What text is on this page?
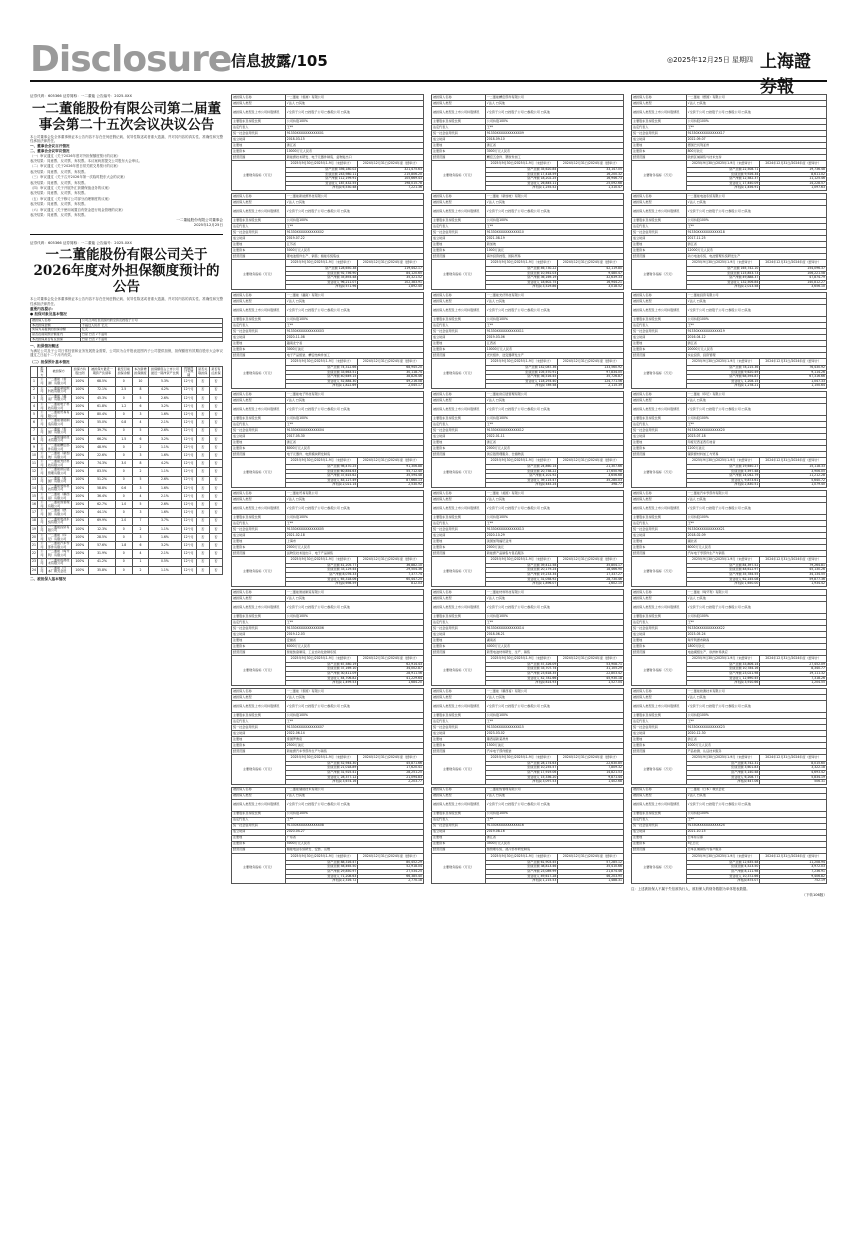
Disclosure 信息披露/105	◎2025年12月25日 星期四 上海證券報
证券代码：605366 证券简称：一二董能 公告编号：2025-0XX
一二董能股份有限公司第二届董事会第二十五次会议决议公告
本公司董事会及全体董事保证本公告内容不存在任何虚假记载、误导性陈述或者重大遗漏，并对其内容的真实性、准确性和完整性承担法律责任。
一、董事会会议召开情况
二、董事会会议审议情况
（一）审议通过《关于2026年度对外担保额度预计的议案》
表决结果：同意票、反对票、弃权票。本议案尚需提交公司股东大会审议。
（二）审议通过《关于2026年度日常关联交易预计的议案》
表决结果：同意票、反对票、弃权票。
（三）审议通过《关于召开2026年第一次临时股东大会的议案》
表决结果：同意票、反对票、弃权票。
（四）审议通过《关于开展外汇套期保值业务的议案》
表决结果：同意票、反对票、弃权票。
（五）审议通过《关于修订公司部分治理制度的议案》
表决结果：同意票、反对票、弃权票。
（六）审议通过《关于使用闲置自有资金进行现金管理的议案》
表决结果：同意票、反对票、弃权票。
一二董能股份有限公司董事会
2025年12月25日
证券代码：605366 证券简称：一二董能 公告编号：2025-0XX
一二董能股份有限公司关于2026年度对外担保额度预计的公告
本公司董事会及全体董事保证本公告内容不存在任何虚假记载、误导性陈述或者重大遗漏，并对其内容的真实性、准确性和完整性承担法律责任。
重要内容提示：
● 担保对象及基本情况
被担保人名称	公司合并报表范围内的全资及控股子公司
本次担保金额	不超过人民币 亿元
实际为其提供的担保余额	亿元
是否在前期预计额度内	□是 □否 √不适用
本次担保是否有反担保	□是 □否 √不适用
一、担保情况概述
为满足公司及子公司日常经营和业务发展资金需要，公司拟为合并报表范围内子公司提供担保，担保额度有效期自股东大会审议通过之日起十二个月内有效。
（二）担保预计基本情况
	担保方	被担保方	担保方持股比例	被担保方最近一期资产负债率	截至目前担保余额	本次新增担保额度	担保额度占上市公司最近一期净资产比例	担保预计有效期	是否关联担保	是否有反担保
1	公司	一二董能（香港）有限公司	100%	68.5%	0	10	5.3%	12个月	否	否
2	公司	一二董能新能源科技有限公司	100%	72.1%	2.5	8	4.2%	12个月	否	否
3	公司	一二董能（越南）有限公司	100%	45.3%	0	5	2.6%	12个月	否	否
4	公司	一二董能电子科技有限公司	100%	61.8%	1.2	6	3.2%	12个月	否	否
5	公司	一二董能贸易有限公司	100%	80.4%	0	3	1.6%	12个月	否	否
6	公司	一二董能智能制造有限公司	100%	55.0%	0.8	4	2.1%	12个月	否	否
7	公司	一二董能（泰国）有限公司	100%	39.7%	0	5	2.6%	12个月	否	否
8	公司	一二董能储能技术有限公司	100%	66.2%	1.5	6	3.2%	12个月	否	否
9	公司	一二董能精密部件有限公司	100%	48.9%	0	2	1.1%	12个月	否	否
10	公司	一二董能（新加坡）有限公司	100%	22.6%	0	3	1.6%	12个月	否	否
11	公司	一二董能光伏科技有限公司	100%	74.3%	3.0	8	4.2%	12个月	否	否
12	公司	一二董能供应链管理有限公司	100%	83.5%	0	2	1.1%	12个月	否	否
13	公司	一二董能（美国）有限公司	100%	51.2%	0	5	2.6%	12个月	否	否
14	公司	一二董能材料科技有限公司	100%	58.8%	0.6	3	1.6%	12个月	否	否
15	公司	一二董能（墨西哥）有限公司	100%	36.4%	0	4	2.1%	12个月	否	否
16	公司	一二董能热管理有限公司	100%	62.7%	1.0	5	2.6%	12个月	否	否
17	公司	一二董能（德国）有限公司	100%	44.1%	0	3	1.6%	12个月	否	否
18	公司	一二董能电池系统有限公司	100%	69.9%	2.0	7	3.7%	12个月	否	否
19	公司	一二董能投资有限公司	100%	12.3%	0	2	1.1%	12个月	否	否
20	公司	一二董能（印尼）有限公司	100%	28.5%	0	3	1.6%	12个月	否	否
21	公司	一二董能汽车零部件有限公司	100%	57.6%	1.8	6	3.2%	12个月	否	否
22	公司	一二董能（匈牙利）有限公司	100%	31.9%	0	4	2.1%	12个月	否	否
23	公司	一二董能检测技术有限公司	100%	41.2%	0	1	0.5%	12个月	否	否
24	公司	一二董能（日本）株式会社	100%	35.8%	0	2	1.1%	12个月	否	否
二、被担保人基本情况
被担保人名称	一二董能（香港）有限公司	
被担保人类型	√法人 □其他	
被担保人类型及上市公司持股情况	√全资子公司 □控股子公司 □参股公司 □其他	
主要股东及持股比例	公司持股100%	
法定代表人	王**	
统一社会信用代码	91330XXXXXXXXXXX01	
成立时间	2018-03-15	
注册地	浙江省	
注册资本	10000万元人民币	
经营范围	新能源技术研发、电子元器件制造、货物进出口	
主要财务指标（万元）	2025年9月30日/2025年1-9月（未经审计）	2024年12月31日/2024年度（经审计）
	资产总额 356,180.02	321,475.63
	负债总额 243,980.11	215,806.20
	资产净额 112,199.91	105,669.43
	营业收入 187,432.55	198,015.78
	净利润 6,530.48	7,221.36
被担保人名称	一二董能新能源科技有限公司	
被担保人类型	√法人 □其他	
被担保人类型及上市公司持股情况	√全资子公司 □控股子公司 □参股公司 □其他	
主要股东及持股比例	公司持股100%	
法定代表人	王**	
统一社会信用代码	91330XXXXXXXXXXX02	
成立时间	2019-07-22	
注册地	江苏省	
注册资本	5000万元人民币	
经营范围	锂电池组件生产、销售；储能系统集成	
主要财务指标（万元）	2025年9月30日/2025年1-9月（未经审计）	2024年12月31日/2024年度（经审计）
	资产总额 128,650.38	119,442.17
	负债总额 92,756.90	84,120.65
	资产净额 35,893.48	35,321.52
	营业收入 96,211.07	102,383.91
	净利润 571.96	1,892.40
被担保人名称	一二董能（越南）有限公司	
被担保人类型	√法人 □其他	
被担保人类型及上市公司持股情况	√全资子公司 □控股子公司 □参股公司 □其他	
主要股东及持股比例	公司持股100%	
法定代表人	王**	
统一社会信用代码	91330XXXXXXXXXXX03	
成立时间	2020-11-08	
注册地	越南北宁省	
注册资本	3000万美元	
经营范围	电子产品组装、精密结构件加工	
主要财务指标（万元）	2025年9月30日/2025年1-9月（未经审计）	2024年12月31日/2024年度（经审计）
	资产总额 74,312.66	68,945.20
	负债总额 33,663.51	30,118.74
	资产净额 40,649.15	38,826.46
	营业收入 52,884.30	49,216.08
	净利润 1,822.69	2,045.17
被担保人名称	一二董能电子科技有限公司	
被担保人类型	√法人 □其他	
被担保人类型及上市公司持股情况	√全资子公司 □控股子公司 □参股公司 □其他	
主要股东及持股比例	公司持股100%	
法定代表人	王**	
统一社会信用代码	91330XXXXXXXXXXX04	
成立时间	2017-05-30	
注册地	浙江省	
注册资本	8000万元人民币	
经营范围	电子元器件、电源模块研发制造	
主要财务指标（万元）	2025年9月30日/2025年1-9月（未经审计）	2024年12月31日/2024年度（经审计）
	资产总额 98,470.25	91,306.88
	负债总额 60,854.63	55,712.40
	资产净额 37,615.62	35,594.48
	营业收入 83,127.49	87,660.13
	净利润 2,021.14	2,530.92
被担保人名称	一二董能贸易有限公司	
被担保人类型	√法人 □其他	
被担保人类型及上市公司持股情况	√全资子公司 □控股子公司 □参股公司 □其他	
主要股东及持股比例	公司持股100%	
法定代表人	王**	
统一社会信用代码	91330XXXXXXXXXXX05	
成立时间	2021-02-18	
注册地	上海市	
注册资本	2000万元人民币	
经营范围	货物及技术进出口、电子产品销售	
主要财务指标（万元）	2025年9月30日/2025年1-9月（未经审计）	2024年12月31日/2024年度（经审计）
	资产总额 41,205.77	36,882.10
	负债总额 33,129.44	29,504.36
	资产净额 8,076.33	7,377.74
	营业收入 65,318.06	60,447.25
	净利润 698.59	812.03
被担保人名称	一二董能智能制造有限公司	
被担保人类型	√法人 □其他	
被担保人类型及上市公司持股情况	√全资子公司 □控股子公司 □参股公司 □其他	
主要股东及持股比例	公司持股100%	
法定代表人	王**	
统一社会信用代码	91330XXXXXXXXXXX06	
成立时间	2019-12-03	
注册地	安徽省	
注册资本	6000万元人民币	
经营范围	智能装备制造、工业自动化控制系统	
主要财务指标（万元）	2025年9月30日/2025年1-9月（未经审计）	2024年12月31日/2024年度（经审计）
	资产总额 67,580.19	62,914.43
	负债总额 37,169.10	34,002.87
	资产净额 30,411.09	28,911.56
	营业收入 44,706.82	41,229.64
	净利润 1,499.53	1,684.20
被担保人名称	一二董能（泰国）有限公司	
被担保人类型	√法人 □其他	
被担保人类型及上市公司持股情况	√全资子公司 □控股子公司 □参股公司 □其他	
主要股东及持股比例	公司持股100%	
法定代表人	王**	
统一社会信用代码	91330XXXXXXXXXXX07	
成立时间	2022-06-14	
注册地	泰国罗勇府	
注册资本	2500万美元	
经营范围	新能源汽车零部件生产与销售	
主要财务指标（万元）	2025年9月30日/2025年1-9月（未经审计）	2024年12月31日/2024年度（经审计）
	资产总额 52,944.30	45,871.66
	负债总额 21,018.89	17,620.41
	资产净额 31,925.41	28,251.25
	营业收入 28,377.12	21,094.83
	净利润 3,674.16	2,203.77
被担保人名称	一二董能储能技术有限公司	
被担保人类型	√法人 □其他	
被担保人类型及上市公司持股情况	√全资子公司 □控股子公司 □参股公司 □其他	
主要股东及持股比例	公司持股100%	
法定代表人	王**	
统一社会信用代码	91330XXXXXXXXXXX08	
成立时间	2020-04-27	
注册地	广东省	
注册资本	5000万元人民币	
经营范围	储能电站系统研发、安装、运维	
主要财务指标（万元）	2025年9月30日/2025年1-9月（未经审计）	2024年12月31日/2024年度（经审计）
	资产总额 88,316.47	80,452.29
	负债总额 58,465.50	52,918.04
	资产净额 29,850.97	27,534.25
	营业收入 71,208.63	66,385.40
	净利润 2,316.72	2,770.18
被担保人名称	一二董能精密部件有限公司	
被担保人类型	√法人 □其他	
被担保人类型及上市公司持股情况	√全资子公司 □控股子公司 □参股公司 □其他	
主要股东及持股比例	公司持股100%	
法定代表人	王**	
统一社会信用代码	91330XXXXXXXXXXX09	
成立时间	2018-09-10	
注册地	浙江省	
注册资本	3000万元人民币	
经营范围	精密五金件、塑胶件加工	
主要财务指标（万元）	2025年9月30日/2025年1-9月（未经审计）	2024年12月31日/2024年度（经审计）
	资产总额 35,620.84	33,147.05
	负债总额 17,418.59	16,200.32
	资产净额 18,202.25	16,946.73
	营业收入 26,845.11	25,092.68
	净利润 1,255.52	1,310.47
被担保人名称	一二董能（新加坡）有限公司	
被担保人类型	√法人 □其他	
被担保人类型及上市公司持股情况	√全资子公司 □控股子公司 □参股公司 □其他	
主要股东及持股比例	公司持股100%	
法定代表人	王**	
统一社会信用代码	91330XXXXXXXXXXX10	
成立时间	2021-08-19	
注册地	新加坡	
注册资本	1000万美元	
经营范围	海外投资控股、国际贸易	
主要财务指标（万元）	2025年9月30日/2025年1-9月（未经审计）	2024年12月31日/2024年度（经审计）
	资产总额 46,730.22	42,119.80
	负债总额 10,561.03	9,480.47
	资产净额 36,169.19	32,639.33
	营业收入 18,602.75	16,944.21
	净利润 3,529.86	3,018.52
被担保人名称	一二董能光伏科技有限公司	
被担保人类型	√法人 □其他	
被担保人类型及上市公司持股情况	√全资子公司 □控股子公司 □参股公司 □其他	
主要股东及持股比例	公司持股100%	
法定代表人	王**	
统一社会信用代码	91330XXXXXXXXXXX11	
成立时间	2019-03-06	
注册地	江西省	
注册资本	10000万元人民币	
经营范围	光伏组件、逆变器研发生产	
主要财务指标（万元）	2025年9月30日/2025年1-9月（未经审计）	2024年12月31日/2024年度（经审计）
	资产总额 142,087.36	133,560.92
	负债总额 105,570.91	97,834.05
	资产净额 36,516.45	35,726.87
	营业收入 118,293.40	124,771.56
	净利润 789.58	2,115.39
被担保人名称	一二董能供应链管理有限公司	
被担保人类型	√法人 □其他	
被担保人类型及上市公司持股情况	√全资子公司 □控股子公司 □参股公司 □其他	
主要股东及持股比例	公司持股100%	
法定代表人	王**	
统一社会信用代码	91330XXXXXXXXXXX12	
成立时间	2022-01-11	
注册地	浙江省	
注册资本	2000万元人民币	
经营范围	供应链管理服务、仓储物流	
主要财务指标（万元）	2025年9月30日/2025年1-9月（未经审计）	2024年12月31日/2024年度（经审计）
	资产总额 24,860.14	21,307.66
	负债总额 20,758.22	17,650.98
	资产净额 4,101.92	3,656.68
	营业收入 39,115.47	35,280.03
	净利润 445.24	398.77
被担保人名称	一二董能（美国）有限公司	
被担保人类型	√法人 □其他	
被担保人类型及上市公司持股情况	√全资子公司 □控股子公司 □参股公司 □其他	
主要股东及持股比例	公司持股100%	
法定代表人	王**	
统一社会信用代码	91330XXXXXXXXXXX13	
成立时间	2020-10-29	
注册地	美国加利福尼亚州	
注册资本	2000万美元	
经营范围	新能源产品销售与售后服务	
主要财务指标（万元）	2025年9月30日/2025年1-9月（未经审计）	2024年12月31日/2024年度（经审计）
	资产总额 39,412.58	35,804.17
	负债总额 20,179.24	18,466.90
	资产净额 19,233.34	17,337.27
	营业收入 31,058.92	28,730.46
	净利润 1,896.07	1,602.15
被担保人名称	一二董能材料科技有限公司	
被担保人类型	√法人 □其他	
被担保人类型及上市公司持股情况	√全资子公司 □控股子公司 □参股公司 □其他	
主要股东及持股比例	公司持股100%	
法定代表人	王**	
统一社会信用代码	91330XXXXXXXXXXX14	
成立时间	2018-06-21	
注册地	湖南省	
注册资本	4000万元人民币	
经营范围	新型电池材料研发、生产、销售	
主要财务指标（万元）	2025年9月30日/2025年1-9月（未经审计）	2024年12月31日/2024年度（经审计）
	资产总额 57,326.09	53,908.71
	负债总额 33,707.74	31,105.29
	资产净额 23,618.35	22,803.42
	营业收入 42,781.66	45,930.18
	净利润 814.93	1,527.04
被担保人名称	一二董能（墨西哥）有限公司	
被担保人类型	√法人 □其他	
被担保人类型及上市公司持股情况	√全资子公司 □控股子公司 □参股公司 □其他	
主要股东及持股比例	公司持股100%	
法定代表人	王**	
统一社会信用代码	91330XXXXXXXXXXX15	
成立时间	2023-03-02	
注册地	墨西哥新莱昂州	
注册资本	1500万美元	
经营范围	汽车电子部件组装	
主要财务指标（万元）	2025年9月30日/2025年1-9月（未经审计）	2024年12月31日/2024年度（经审计）
	资产总额 28,174.63	22,630.85
	负债总额 10,255.57	7,809.32
	资产净额 17,919.06	14,821.53
	营业收入 15,336.20	9,871.44
	净利润 3,097.53	1,402.68
被担保人名称	一二董能热管理有限公司	
被担保人类型	√法人 □其他	
被担保人类型及上市公司持股情况	√全资子公司 □控股子公司 □参股公司 □其他	
主要股东及持股比例	公司持股100%	
法定代表人	王**	
统一社会信用代码	91330XXXXXXXXXXX16	
成立时间	2019-08-16	
注册地	浙江省	
注册资本	3500万元人民币	
经营范围	热管理系统、液冷部件研发制造	
主要财务指标（万元）	2025年9月30日/2025年1-9月（未经审计）	2024年12月31日/2024年度（经审计）
	资产总额 61,903.45	57,285.12
	负债总额 38,813.46	35,410.66
	资产净额 23,089.99	21,874.46
	营业收入 49,617.28	46,203.95
	净利润 1,215.53	1,488.31
被担保人名称	一二董能（德国）有限公司	
被担保人类型	√法人 □其他	
被担保人类型及上市公司持股情况	√全资子公司 □控股子公司 □参股公司 □其他	
主要股东及持股比例	公司持股100%	
法定代表人	王**	
统一社会信用代码	91330XXXXXXXXXXX17	
成立时间	2022-09-07	
注册地	德国巴伐利亚州	
注册资本	800万欧元	
经营范围	欧洲区域销售与技术支持	
主要财务指标（万元）	2025年9月30日/2025年1-9月（未经审计）	2024年12月31日/2024年度（经审计）
	资产总额 22,508.71	19,736.48
	负债总额 9,926.34	8,611.02
	资产净额 12,582.37	11,125.46
	营业收入 17,440.09	14,228.57
	净利润 1,456.91	1,097.63
被担保人名称	一二董能电池系统有限公司	
被担保人类型	√法人 □其他	
被担保人类型及上市公司持股情况	√全资子公司 □控股子公司 □参股公司 □其他	
主要股东及持股比例	公司持股100%	
法定代表人	王**	
统一社会信用代码	91330XXXXXXXXXXX18	
成立时间	2017-11-25	
注册地	浙江省	
注册资本	12000万元人民币	
经营范围	动力电池系统、电池管理系统研发生产	
主要财务指标（万元）	2025年9月30日/2025年1-9月（未经审计）	2024年12月31日/2024年度（经审计）
	资产总额 165,742.10	154,096.37
	负债总额 115,853.73	106,221.58
	资产净额 49,888.37	47,874.79
	营业收入 132,506.84	140,812.27
	净利润 2,013.58	3,656.10
被担保人名称	一二董能投资有限公司	
被担保人类型	√法人 □其他	
被担保人类型及上市公司持股情况	√全资子公司 □控股子公司 □参股公司 □其他	
主要股东及持股比例	公司持股100%	
法定代表人	王**	
统一社会信用代码	91330XXXXXXXXXXX19	
成立时间	2016-04-12	
注册地	浙江省	
注册资本	20000万元人民币	
经营范围	实业投资、投资管理	
主要财务指标（万元）	2025年9月30日/2025年1-9月（未经审计）	2024年12月31日/2024年度（经审计）
	资产总额 78,215.36	76,430.92
	负债总额 9,620.49	9,114.26
	资产净额 68,594.87	67,316.66
	营业收入 1,208.15	1,047.33
	净利润 1,278.21	1,150.64
被担保人名称	一二董能（印尼）有限公司	
被担保人类型	√法人 □其他	
被担保人类型及上市公司持股情况	√全资子公司 □控股子公司 □参股公司 □其他	
主要股东及持股比例	公司持股100%	
法定代表人	王**	
统一社会信用代码	91330XXXXXXXXXXX20	
成立时间	2023-07-18	
注册地	印度尼西亚西爪哇省	
注册资本	1200万美元	
经营范围	镍资源材料加工与贸易	
主要财务指标（万元）	2025年9月30日/2025年1-9月（未经审计）	2024年12月31日/2024年度（经审计）
	资产总额 19,640.27	15,118.33
	负债总额 5,597.48	3,906.05
	资产净额 14,042.79	11,212.28
	营业收入 9,873.61	5,640.72
	净利润 2,830.51	1,079.40
被担保人名称	一二董能汽车零部件有限公司	
被担保人类型	√法人 □其他	
被担保人类型及上市公司持股情况	√全资子公司 □控股子公司 □参股公司 □其他	
主要股东及持股比例	公司持股100%	
法定代表人	王**	
统一社会信用代码	91330XXXXXXXXXXX21	
成立时间	2018-02-09	
注册地	湖北省	
注册资本	6000万元人民币	
经营范围	汽车电子零部件生产与销售	
主要财务指标（万元）	2025年9月30日/2025年1-9月（未经审计）	2024年12月31日/2024年度（经审计）
	资产总额 84,397.52	79,264.81
	负债总额 48,612.97	45,130.26
	资产净额 35,784.55	34,134.55
	营业收入 62,145.08	59,877.36
	净利润 1,650.00	1,934.42
被担保人名称	一二董能（匈牙利）有限公司	
被担保人类型	√法人 □其他	
被担保人类型及上市公司持股情况	√全资子公司 □控股子公司 □参股公司 □其他	
主要股东及持股比例	公司持股100%	
法定代表人	王**	
统一社会信用代码	91330XXXXXXXXXXX22	
成立时间	2023-05-24	
注册地	匈牙利德布勒森	
注册资本	1800万欧元	
经营范围	电池模组生产、欧洲市场供应	
主要财务指标（万元）	2025年9月30日/2025年1-9月（未经审计）	2024年12月31日/2024年度（经审计）
	资产总额 33,806.14	27,452.09
	负债总额 10,784.16	8,340.77
	资产净额 23,021.98	19,111.32
	营业收入 12,690.45	7,318.26
	净利润 3,910.66	1,204.55
被担保人名称	一二董能检测技术有限公司	
被担保人类型	√法人 □其他	
被担保人类型及上市公司持股情况	√全资子公司 □控股子公司 □参股公司 □其他	
主要股东及持股比例	公司持股100%	
法定代表人	王**	
统一社会信用代码	91330XXXXXXXXXXX23	
成立时间	2020-12-30	
注册地	浙江省	
注册资本	1000万元人民币	
经营范围	产品检测、认证技术服务	
主要财务指标（万元）	2025年9月30日/2025年1-9月（未经审计）	2024年12月31日/2024年度（经审计）
	资产总额 8,742.31	8,015.60
	负债总额 3,601.83	3,322.18
	资产净额 5,140.48	4,693.42
	营业收入 6,208.77	5,834.19
	净利润 447.06	506.31
被担保人名称	一二董能（日本）株式会社	
被担保人类型	√法人 □其他	
被担保人类型及上市公司持股情况	√全资子公司 □控股子公司 □参股公司 □其他	
主要股东及持股比例	公司持股100%	
法定代表人	王**	
统一社会信用代码	91330XXXXXXXXXXX24	
成立时间	2021-10-15	
注册地	日本东京都	
注册资本	5亿日元	
经营范围	日本区域销售与客户服务	
主要财务指标（万元）	2025年9月30日/2025年1-9月（未经审计）	2024年12月31日/2024年度（经审计）
	资产总额 12,635.48	11,208.94
	负债总额 4,523.50	3,972.03
	资产净额 8,111.98	7,236.91
	营业收入 10,372.66	9,406.82
	净利润 875.07	752.19
注：上述被担保人不属于失信被执行人，被担保人的财务数据为单体报表数据。
（下转106版）
